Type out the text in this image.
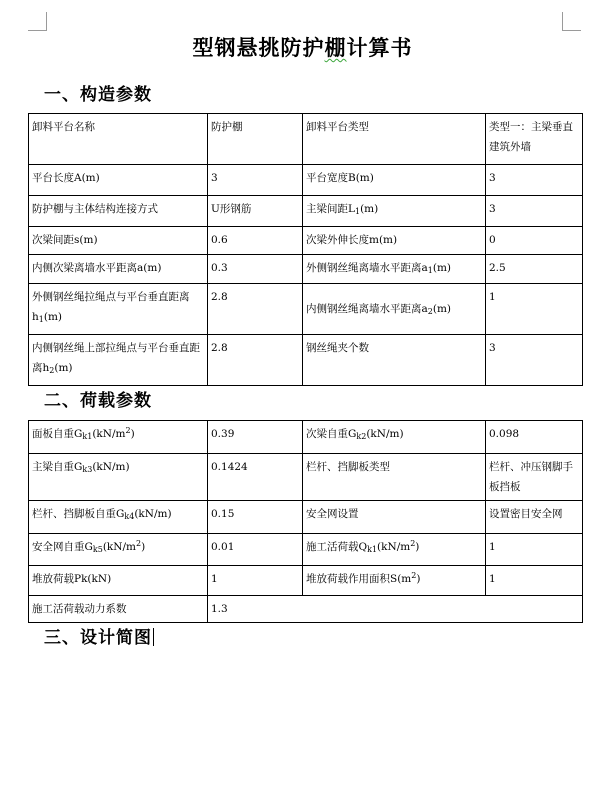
型钢悬挑防护棚计算书
一、构造参数
卸料平台名称	防护棚	卸料平台类型	类型一：主梁垂直建筑外墙
平台长度A(m)	3	平台宽度B(m)	3
防护棚与主体结构连接方式	U形钢筋	主梁间距$L_1(m)$	3
次梁间距s(m)	0.6	次梁外伸长度m(m)	0
内侧次梁离墙水平距离a(m)	0.3	外侧钢丝绳离墙水平距离$a_1(m)$	2.5
外侧钢丝绳拉绳点与平台垂直距离$h_1(m)$	2.8	内侧钢丝绳离墙水平距离$a_2(m)$	1
内侧钢丝绳上部拉绳点与平台垂直距离$h_2(m)$	2.8	钢丝绳夹个数	3
二、荷载参数
面板自重$G_{k1}(kN/m^2)$	0.39	次梁自重$G_{k2}(kN/m)$	0.098
主梁自重$G_{k3}(kN/m)$	0.1424	栏杆、挡脚板类型	栏杆、冲压钢脚手板挡板
栏杆、挡脚板自重$G_{k4}(kN/m)$	0.15	安全网设置	设置密目安全网
安全网自重$G_{k5}(kN/m^2)$	0.01	施工活荷载$Q_{k1}(kN/m^2)$	1
堆放荷载Pk(kN)	1	堆放荷载作用面积$S(m^2)$	1
施工活荷载动力系数	1.3		
三、设计简图
